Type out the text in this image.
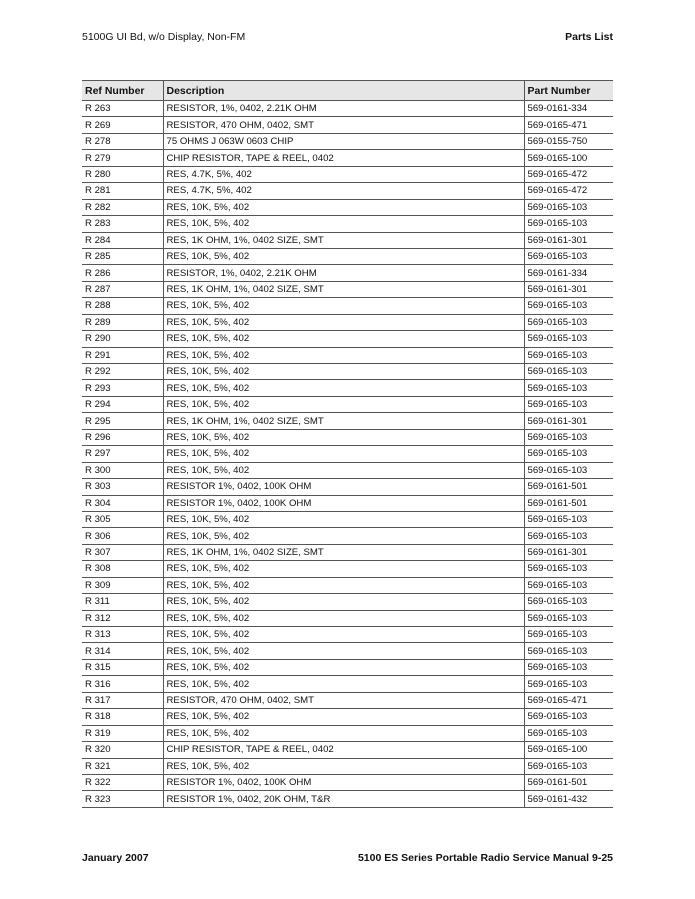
5100G UI Bd, w/o Display, Non-FM	Parts List
Ref Number	Description	Part Number
R 263	RESISTOR, 1%, 0402, 2.21K OHM	569-0161-334
R 269	RESISTOR, 470 OHM, 0402, SMT	569-0165-471
R 278	75 OHMS J 063W 0603 CHIP	569-0155-750
R 279	CHIP RESISTOR, TAPE & REEL, 0402	569-0165-100
R 280	RES, 4.7K, 5%, 402	569-0165-472
R 281	RES, 4.7K, 5%, 402	569-0165-472
R 282	RES, 10K, 5%, 402	569-0165-103
R 283	RES, 10K, 5%, 402	569-0165-103
R 284	RES, 1K OHM, 1%, 0402 SIZE, SMT	569-0161-301
R 285	RES, 10K, 5%, 402	569-0165-103
R 286	RESISTOR, 1%, 0402, 2.21K OHM	569-0161-334
R 287	RES, 1K OHM, 1%, 0402 SIZE, SMT	569-0161-301
R 288	RES, 10K, 5%, 402	569-0165-103
R 289	RES, 10K, 5%, 402	569-0165-103
R 290	RES, 10K, 5%, 402	569-0165-103
R 291	RES, 10K, 5%, 402	569-0165-103
R 292	RES, 10K, 5%, 402	569-0165-103
R 293	RES, 10K, 5%, 402	569-0165-103
R 294	RES, 10K, 5%, 402	569-0165-103
R 295	RES, 1K OHM, 1%, 0402 SIZE, SMT	569-0161-301
R 296	RES, 10K, 5%, 402	569-0165-103
R 297	RES, 10K, 5%, 402	569-0165-103
R 300	RES, 10K, 5%, 402	569-0165-103
R 303	RESISTOR 1%, 0402, 100K OHM	569-0161-501
R 304	RESISTOR 1%, 0402, 100K OHM	569-0161-501
R 305	RES, 10K, 5%, 402	569-0165-103
R 306	RES, 10K, 5%, 402	569-0165-103
R 307	RES, 1K OHM, 1%, 0402 SIZE, SMT	569-0161-301
R 308	RES, 10K, 5%, 402	569-0165-103
R 309	RES, 10K, 5%, 402	569-0165-103
R 311	RES, 10K, 5%, 402	569-0165-103
R 312	RES, 10K, 5%, 402	569-0165-103
R 313	RES, 10K, 5%, 402	569-0165-103
R 314	RES, 10K, 5%, 402	569-0165-103
R 315	RES, 10K, 5%, 402	569-0165-103
R 316	RES, 10K, 5%, 402	569-0165-103
R 317	RESISTOR, 470 OHM, 0402, SMT	569-0165-471
R 318	RES, 10K, 5%, 402	569-0165-103
R 319	RES, 10K, 5%, 402	569-0165-103
R 320	CHIP RESISTOR, TAPE & REEL, 0402	569-0165-100
R 321	RES, 10K, 5%, 402	569-0165-103
R 322	RESISTOR 1%, 0402, 100K OHM	569-0161-501
R 323	RESISTOR 1%, 0402, 20K OHM, T&R	569-0161-432
January 2007	5100 ES Series Portable Radio Service Manual 9-25
